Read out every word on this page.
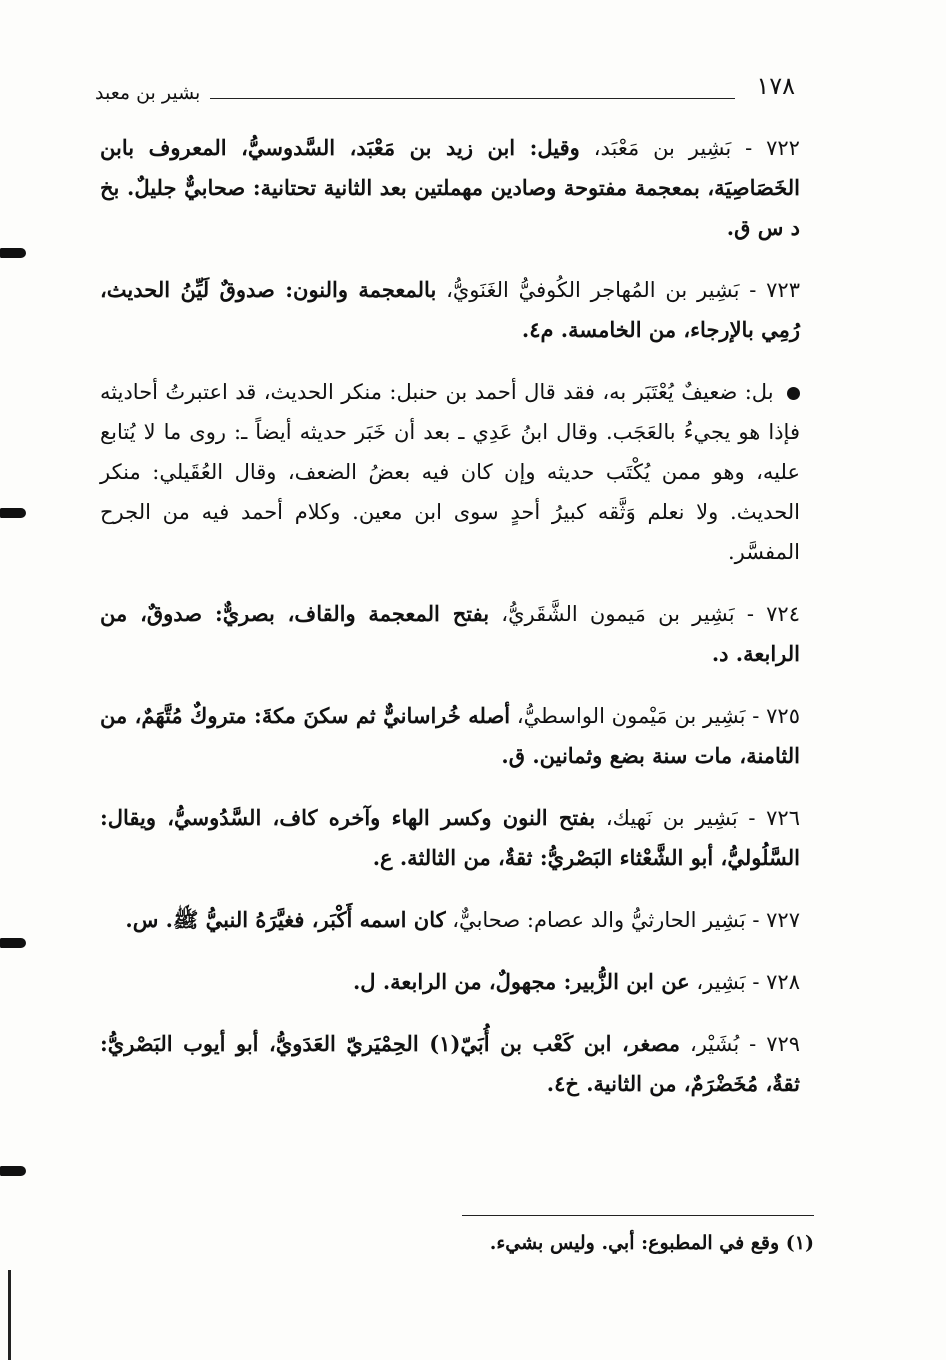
١٧٨
بشير بن معبد

٧٢٢ - بَشِير بن مَعْبَد، وقيل: ابن زيد بن مَعْبَد، السَّدوسيُّ، المعروف بابن الخَصَاصِيَة، بمعجمة مفتوحة وصادين مهملتين بعد الثانية تحتانية: صحابيٌّ جليلٌ. بخ د س ق.

٧٢٣ - بَشِير بن المُهاجر الكُوفيُّ الغَنَويُّ، بالمعجمة والنون: صدوقٌ لَيِّنُ الحديث، رُمِي بالإرجاء، من الخامسة. م٤.

بل: ضعيفٌ يُعْتَبَر به، فقد قال أحمد بن حنبل: منكر الحديث، قد اعتبرتُ أحاديثه فإذا هو يجيءُ بالعَجَب. وقال ابنُ عَدِي ـ بعد أن خَبَر حديثه أيضاً ـ: روى ما لا يُتابع عليه، وهو ممن يُكْتَب حديثه وإن كان فيه بعضُ الضعف، وقال العُقَيلي: منكر الحديث. ولا نعلم وَثَّقه كبيرُ أحدٍ سوى ابن معين. وكلام أحمد فيه من الجرح المفسَّر.

٧٢٤ - بَشِير بن مَيمون الشَّقَريُّ، بفتح المعجمة والقاف، بصريٌّ: صدوقٌ، من الرابعة. د.

٧٢٥ - بَشِير بن مَيْمون الواسطيُّ، أصله خُراسانيٌّ ثم سكنَ مكةَ: متروكٌ مُتَّهَمٌ، من الثامنة، مات سنة بضع وثمانين. ق.

٧٢٦ - بَشِير بن نَهيك، بفتح النون وكسر الهاء وآخره كاف، السَّدُوسيُّ، ويقال: السَّلُوليُّ، أبو الشَّعْثاء البَصْريُّ: ثقةٌ، من الثالثة. ع.

٧٢٧ - بَشِير الحارثيُّ والد عصام: صحابيٌّ، كان اسمه أَكْبَر، فغيَّرَهُ النبيُّ ﷺ. س.

٧٢٨ - بَشِير، عن ابن الزُّبير: مجهولٌ، من الرابعة. ل.

٧٢٩ - بُشَيْر، مصغر، ابن كَعْب بن أُبَيّ(١) الحِمْيَريّ العَدَويُّ، أبو أيوب البَصْريُّ: ثقةٌ، مُخَضْرَمٌ، من الثانية. خ٤.

(١) وقع في المطبوع: أبي. وليس بشيء.
